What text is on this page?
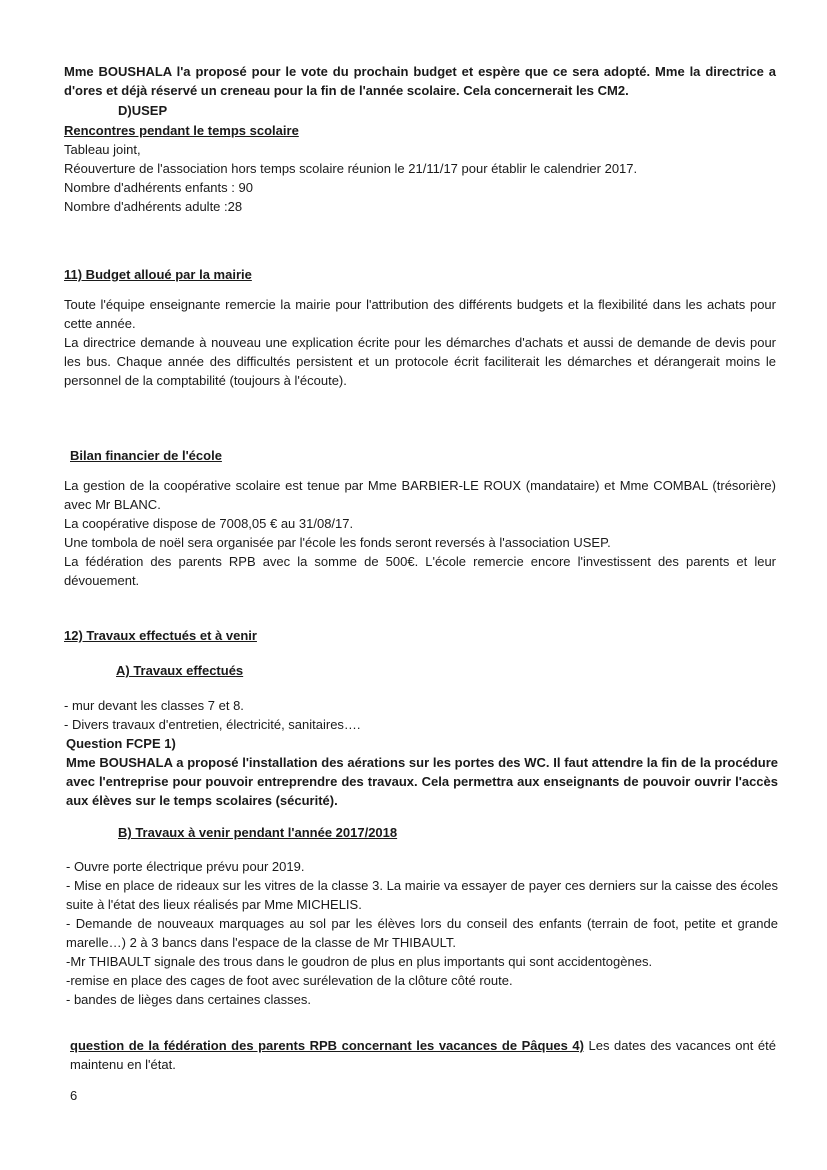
Mme BOUSHALA l'a proposé pour le vote du prochain budget et espère que ce sera adopté. Mme la directrice a d'ores et déjà réservé un creneau pour la fin de l'année scolaire. Cela concernerait les CM2.

D)USEP

Rencontres pendant le temps scolaire

Tableau joint,

Réouverture de l'association hors temps scolaire réunion le 21/11/17 pour établir le calendrier 2017.

Nombre d'adhérents enfants : 90

Nombre d'adhérents adulte :28

11) Budget alloué par la mairie

Toute l'équipe enseignante remercie la mairie pour l'attribution des différents budgets et la flexibilité dans les achats pour cette année.

La directrice demande à nouveau une explication écrite pour les démarches d'achats et aussi de demande de devis pour les bus. Chaque année des difficultés persistent et un protocole écrit faciliterait les démarches et dérangerait moins le personnel de la comptabilité (toujours à l'écoute).

Bilan financier de l'école

La gestion de la coopérative scolaire est tenue par Mme BARBIER-LE ROUX (mandataire) et Mme COMBAL (trésorière) avec Mr BLANC.

La coopérative dispose de 7008,05 € au 31/08/17.

Une tombola de noël sera organisée par l'école les fonds seront reversés à l'association USEP.

La fédération des parents RPB avec la somme de 500€. L'école remercie encore l'investissent des parents et leur dévouement.

12) Travaux effectués et à venir

A) Travaux effectués

- mur devant les classes 7 et 8.

- Divers travaux d'entretien, électricité, sanitaires….

Question FCPE 1)

Mme BOUSHALA a proposé l'installation des aérations sur les portes des WC. Il faut attendre la fin de la procédure avec l'entreprise pour pouvoir entreprendre des travaux. Cela permettra aux enseignants de pouvoir ouvrir l'accès aux élèves sur le temps scolaires (sécurité).

B) Travaux à venir pendant l'année 2017/2018

- Ouvre porte électrique prévu pour 2019.

- Mise en place de rideaux sur les vitres de la classe 3. La mairie va essayer de payer ces derniers sur la caisse des écoles suite à l'état des lieux réalisés par Mme MICHELIS.

- Demande de nouveaux marquages au sol par les élèves lors du conseil des enfants (terrain de foot, petite et grande marelle…) 2 à 3 bancs dans l'espace de la classe de Mr THIBAULT.

-Mr THIBAULT signale des trous dans le goudron de plus en plus importants qui sont accidentogènes.

-remise en place des cages de foot avec surélevation de la clôture côté route.

- bandes de lièges dans certaines classes.

question de la fédération des parents RPB concernant les vacances de Pâques 4) Les dates des vacances ont été maintenu en l'état.

6
